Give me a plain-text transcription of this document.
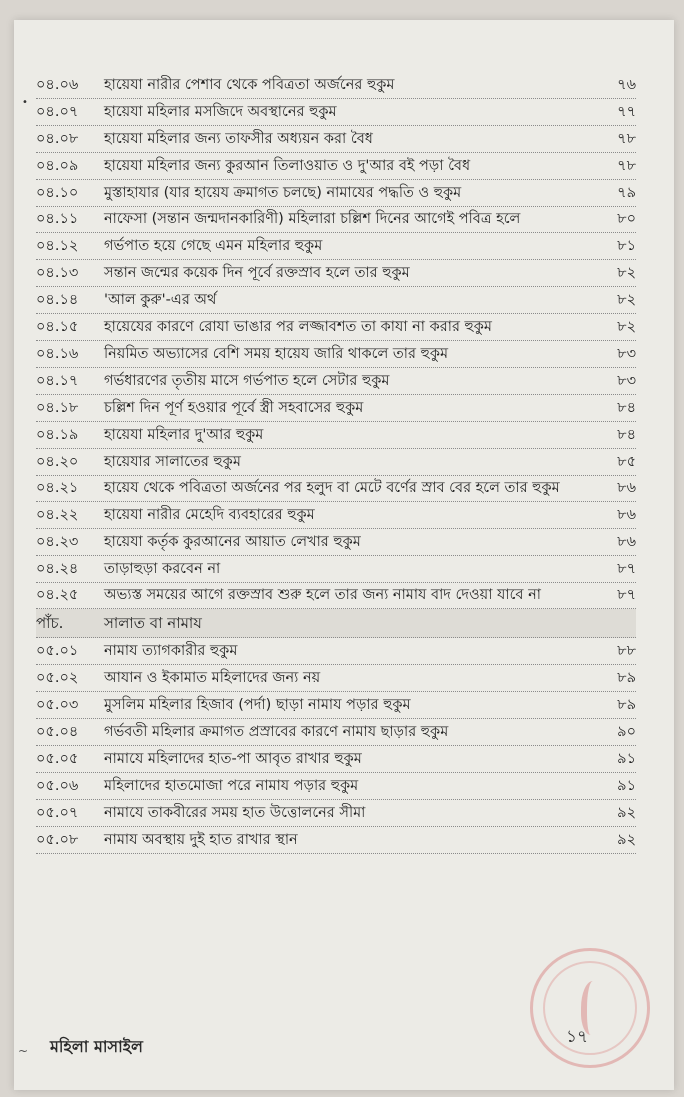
•
০৪.০৬	হায়েযা নারীর পেশাব থেকে পবিত্রতা অর্জনের হুকুম	৭৬
০৪.০৭	হায়েযা মহিলার মসজিদে অবস্থানের হুকুম	৭৭
০৪.০৮	হায়েযা মহিলার জন্য তাফসীর অধ্যয়ন করা বৈধ	৭৮
০৪.০৯	হায়েযা মহিলার জন্য কুরআন তিলাওয়াত ও দু'আর বই পড়া বৈধ	৭৮
০৪.১০	মুস্তাহাযার (যার হায়েয ক্রমাগত চলছে) নামাযের পদ্ধতি ও হুকুম	৭৯
০৪.১১	নাফেসা (সন্তান জন্মদানকারিণী) মহিলারা চল্লিশ দিনের আগেই পবিত্র হলে	৮০
০৪.১২	গর্ভপাত হয়ে গেছে এমন মহিলার হুকুম	৮১
০৪.১৩	সন্তান জন্মের কয়েক দিন পূর্বে রক্তস্রাব হলে তার হুকুম	৮২
০৪.১৪	'আল কুরু'-এর অর্থ	৮২
০৪.১৫	হায়েযের কারণে রোযা ভাঙার পর লজ্জাবশত তা কাযা না করার হুকুম	৮২
০৪.১৬	নিয়মিত অভ্যাসের বেশি সময় হায়েয জারি থাকলে তার হুকুম	৮৩
০৪.১৭	গর্ভধারণের তৃতীয় মাসে গর্ভপাত হলে সেটার হুকুম	৮৩
০৪.১৮	চল্লিশ দিন পূর্ণ হওয়ার পূর্বে স্ত্রী সহবাসের হুকুম	৮৪
০৪.১৯	হায়েযা মহিলার দু'আর হুকুম	৮৪
০৪.২০	হায়েযার সালাতের হুকুম	৮৫
০৪.২১	হায়েয থেকে পবিত্রতা অর্জনের পর হলুদ বা মেটে বর্ণের স্রাব বের হলে তার হুকুম	৮৬
০৪.২২	হায়েযা নারীর মেহেদি ব্যবহারের হুকুম	৮৬
০৪.২৩	হায়েযা কর্তৃক কুরআনের আয়াত লেখার হুকুম	৮৬
০৪.২৪	তাড়াহুড়া করবেন না	৮৭
০৪.২৫	অভ্যস্ত সময়ের আগে রক্তস্রাব শুরু হলে তার জন্য নামায বাদ দেওয়া যাবে না	৮৭
পাঁচ.	সালাত বা নামায
০৫.০১	নামায ত্যাগকারীর হুকুম	৮৮
০৫.০২	আযান ও ইকামাত মহিলাদের জন্য নয়	৮৯
০৫.০৩	মুসলিম মহিলার হিজাব (পর্দা) ছাড়া নামায পড়ার হুকুম	৮৯
০৫.০৪	গর্ভবতী মহিলার ক্রমাগত প্রস্রাবের কারণে নামায ছাড়ার হুকুম	৯০
০৫.০৫	নামাযে মহিলাদের হাত-পা আবৃত রাখার হুকুম	৯১
০৫.০৬	মহিলাদের হাতমোজা পরে নামায পড়ার হুকুম	৯১
০৫.০৭	নামাযে তাকবীরের সময় হাত উত্তোলনের সীমা	৯২
০৫.০৮	নামায অবস্থায় দুই হাত রাখার স্থান	৯২
~ মহিলা মাসাইল	১৭
